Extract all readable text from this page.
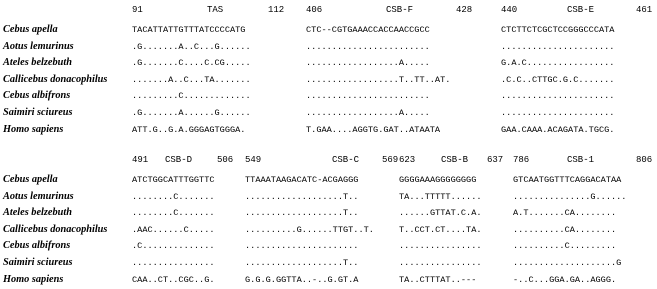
91	TAS	112 406	CSB-F	428	440	CSB-E	461
Cebus apella	TACATTATTGTTTATCCCCATG	CTC--CGTGAAACCACCAACCGCC	CTCTTCTCGCTCCGGGCCCATA
Aotus lemurinus	.G.......A..C...G......	........................	......................
Ateles belzebuth	.G.......C....C.CG.....	..................A.....	G.A.C.................
Callicebus donacophilus	.......A..C...TA.......	..................T..TT..AT.	.C.C..CTTGC.G.C.......
Cebus albifrons	.........C.............	........................	......................
Saimiri sciureus	.G.......A......G......	..................A.....	......................
Homo sapiens	ATT.G..G.A.GGGAGTGGGA.	T.GAA....AGGTG.GAT..ATAATA	GAA.CAAA.ACAGATA.TGCG.
491 CSB-D	506 549	CSB-C	569 623	CSB-B 637 786	CSB-1	806
Cebus apella	ATCTGGCATTTGGTTC	TTAAATAAGACATC-ACGAGGG	GGGGAAAGGGGGGGG	GTCAATGGTTTCAGGACATAA
Aotus lemurinus	........C.......	...................T..	TA...TTTTT......	...............G......
Ateles belzebuth	........C.......	...................T..	......GTTAT.C.A.	A.T.......CA........
Callicebus donacophilus	.AAC......C.....	..........G......TTGT..T.	T..CCT.CT....TA.	..........CA........
Cebus albifrons	.C..............	......................	................	..........C.........
Saimiri sciureus	................	...................T..	................	....................G
Homo sapiens	CAA..CT..CGC..G.	G.G.G.GGTTA..-..G.GT.A	TA..CTTTAT..---	-..C...GGA.GA..AGGG.
